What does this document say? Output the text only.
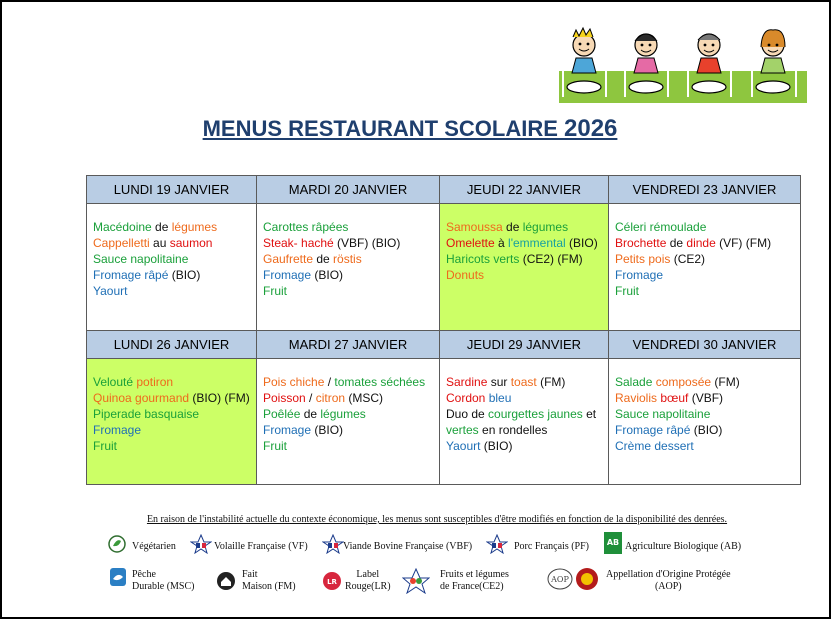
MENUS RESTAURANT SCOLAIRE 2026
LUNDI 19 JANVIER	MARDI 20 JANVIER	JEUDI 22 JANVIER	VENDREDI 23 JANVIER

Macédoine de légumes
Cappelletti au saumon
Sauce napolitaine
Fromage râpé (BIO)
Yaourt	Carottes râpées
Steak- haché (VBF) (BIO)
Gaufrette de röstis
Fromage (BIO)
Fruit	Samoussa de légumes
Omelette à l'emmental (BIO)
Haricots verts (CE2) (FM)
Donuts	Céleri rémoulade
Brochette de dinde (VF) (FM)
Petits pois (CE2)
Fromage
Fruit

LUNDI 26 JANVIER	MARDI 27 JANVIER	JEUDI 29 JANVIER	VENDREDI 30 JANVIER

Velouté potiron
Quinoa gourmand (BIO) (FM)
Piperade basquaise
Fromage
Fruit	Pois chiche / tomates séchées
Poisson / citron (MSC)
Poêlée de légumes
Fromage (BIO)
Fruit	Sardine sur toast (FM)
Cordon bleu
Duo de courgettes jaunes et
vertes en rondelles
Yaourt (BIO)	Salade composée (FM)
Raviolis bœuf (VBF)
Sauce napolitaine
Fromage râpé (BIO)
Crème dessert
En raison de l'instabilité actuelle du contexte économique, les menus sont susceptibles d'être modifiés en fonction de la disponibilité des denrées.
Végétarien	Volaille Française (VF)	Viande Bovine Française (VBF)	Porc Français (PF) AB Agriculture Biologique (AB)
Pêche
Durable (MSC)
Fait
Maison (FM)	LR
Label
Rouge(LR)
Fruits et légumes
de France(CE2)
AOP	Appellation d'Origine Protégée
(AOP)
